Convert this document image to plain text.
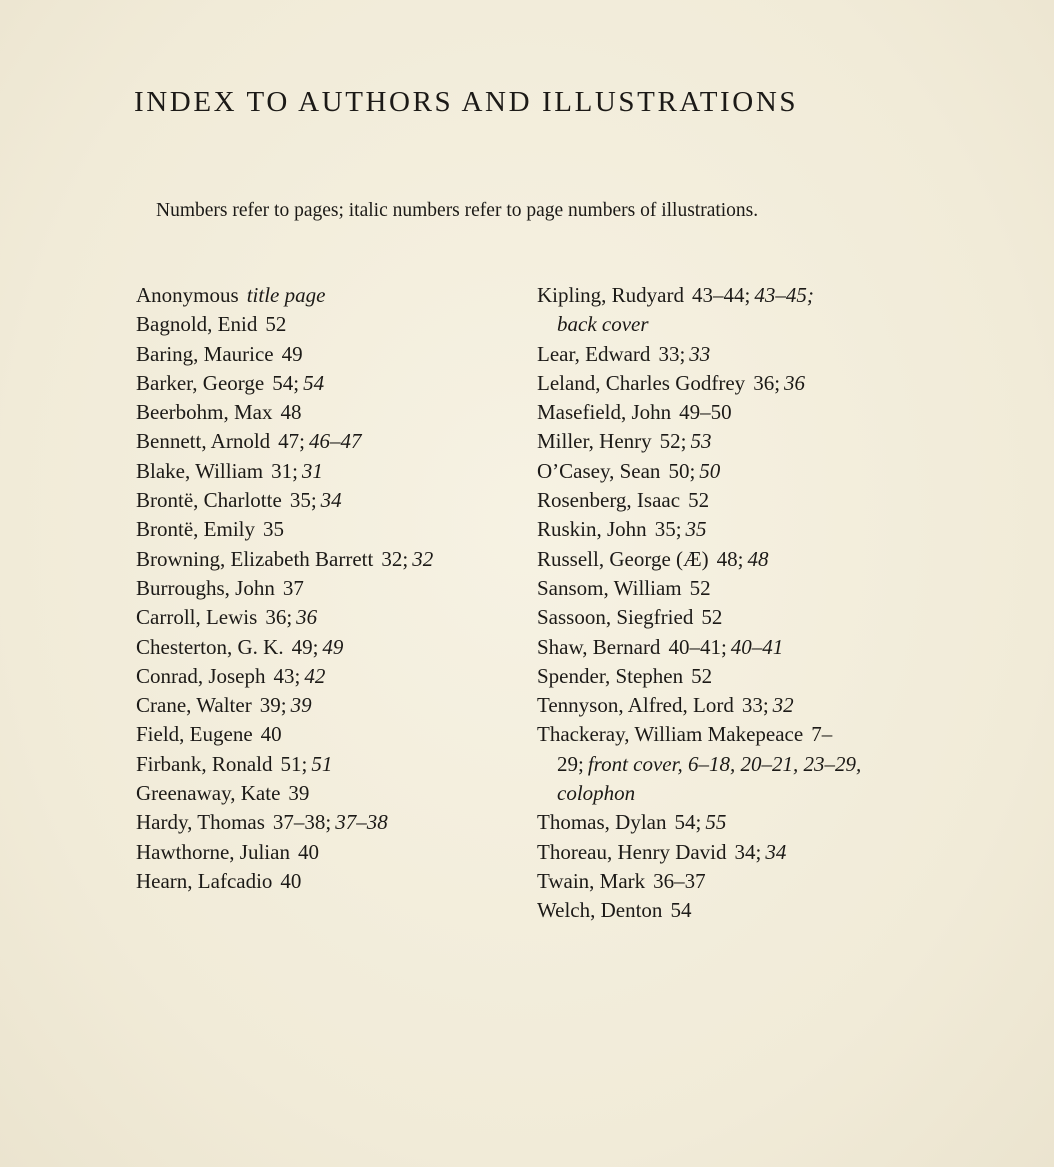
INDEX TO AUTHORS AND ILLUSTRATIONS
Numbers refer to pages; italic numbers refer to page numbers of illustrations.
Anonymous title page
Bagnold, Enid 52
Baring, Maurice 49
Barker, George 54; 54
Beerbohm, Max 48
Bennett, Arnold 47; 46–47
Blake, William 31; 31
Brontë, Charlotte 35; 34
Brontë, Emily 35
Browning, Elizabeth Barrett 32; 32
Burroughs, John 37
Carroll, Lewis 36; 36
Chesterton, G. K. 49; 49
Conrad, Joseph 43; 42
Crane, Walter 39; 39
Field, Eugene 40
Firbank, Ronald 51; 51
Greenaway, Kate 39
Hardy, Thomas 37–38; 37–38
Hawthorne, Julian 40
Hearn, Lafcadio 40
Kipling, Rudyard 43–44; 43–45;
back cover
Lear, Edward 33; 33
Leland, Charles Godfrey 36; 36
Masefield, John 49–50
Miller, Henry 52; 53
O’Casey, Sean 50; 50
Rosenberg, Isaac 52
Ruskin, John 35; 35
Russell, George (Æ) 48; 48
Sansom, William 52
Sassoon, Siegfried 52
Shaw, Bernard 40–41; 40–41
Spender, Stephen 52
Tennyson, Alfred, Lord 33; 32
Thackeray, William Makepeace 7–
29; front cover, 6–18, 20–21, 23–29,
colophon
Thomas, Dylan 54; 55
Thoreau, Henry David 34; 34
Twain, Mark 36–37
Welch, Denton 54
